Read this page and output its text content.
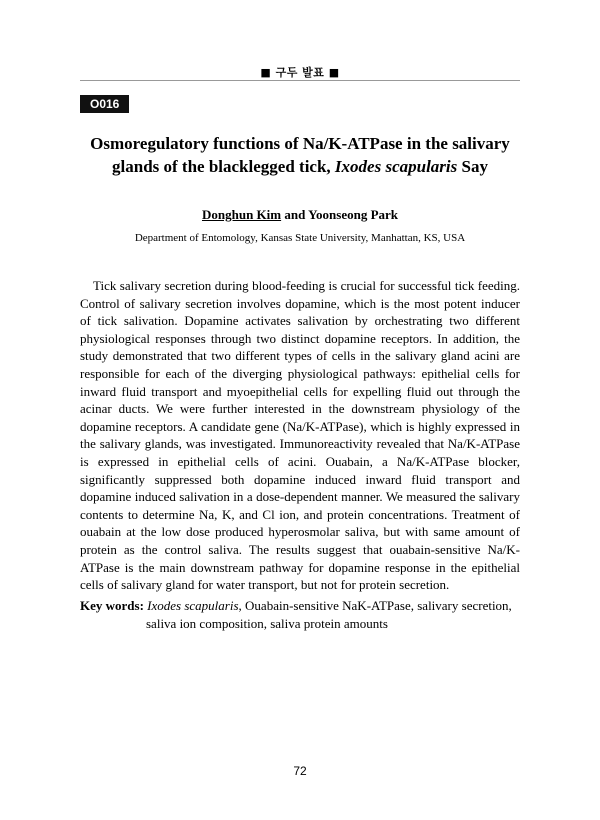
■ 구두 발표 ■
O016
Osmoregulatory functions of Na/K-ATPase in the salivary
glands of the blacklegged tick, Ixodes scapularis Say
Donghun Kim and Yoonseong Park
Department of Entomology, Kansas State University, Manhattan, KS, USA

Tick salivary secretion during blood-feeding is crucial for successful tick feeding. Control of salivary secretion involves dopamine, which is the most potent inducer of tick salivation. Dopamine activates salivation by orchestrating two different physiological responses through two distinct dopamine receptors. In addition, the study demonstrated that two different types of cells in the salivary gland acini are responsible for each of the diverging physiological pathways: epithelial cells for inward fluid transport and myoepithelial cells for expelling fluid out through the acinar ducts. We were further interested in the downstream physiology of the dopamine receptors. A candidate gene (Na/K-ATPase), which is highly expressed in the salivary glands, was investigated. Immunoreactivity revealed that Na/K-ATPase is expressed in epithelial cells of acini. Ouabain, a Na/K-ATPase blocker, significantly suppressed both dopamine induced inward fluid transport and dopamine induced salivation in a dose-dependent manner. We measured the salivary contents to determine Na, K, and Cl ion, and protein concentrations. Treatment of ouabain at the low dose produced hyperosmolar saliva, but with same amount of protein as the control saliva. The results suggest that ouabain-sensitive Na/K-ATPase is the main downstream pathway for dopamine response in the epithelial cells of salivary gland for water transport, but not for protein secretion.

Key words: Ixodes scapularis, Ouabain-sensitive NaK-ATPase, salivary secretion, saliva ion composition, saliva protein amounts
72
